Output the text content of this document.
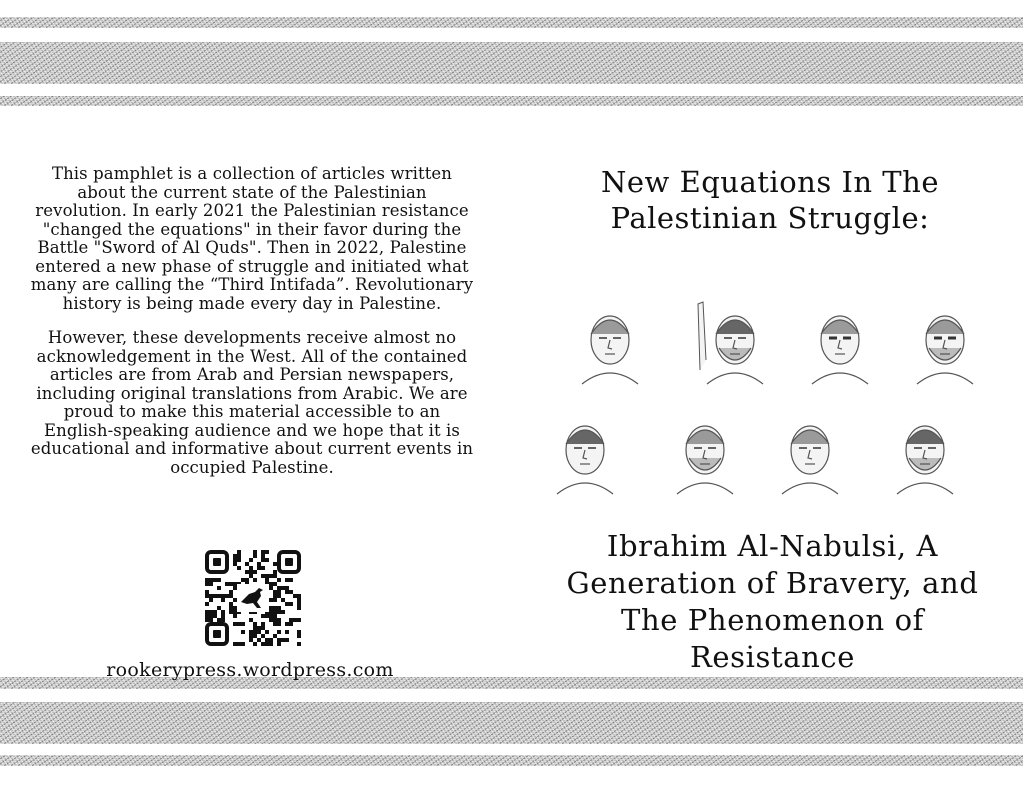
This pamphlet is a collection of articles written about the current state of the Palestinian revolution. In early 2021 the Palestinian resistance "changed the equations" in their favor during the Battle "Sword of Al Quds". Then in 2022, Palestine entered a new phase of struggle and initiated what many are calling the “Third Intifada”. Revolutionary history is being made every day in Palestine.

However, these developments receive almost no acknowledgement in the West. All of the contained articles are from Arab and Persian newspapers, including original translations from Arabic. We are proud to make this material accessible to an English-speaking audience and we hope that it is educational and informative about current events in occupied Palestine.

rookerypress.wordpress.com
New Equations In The Palestinian Struggle:
Ibrahim Al-Nabulsi, A Generation of Bravery, and The Phenomenon of Resistance
